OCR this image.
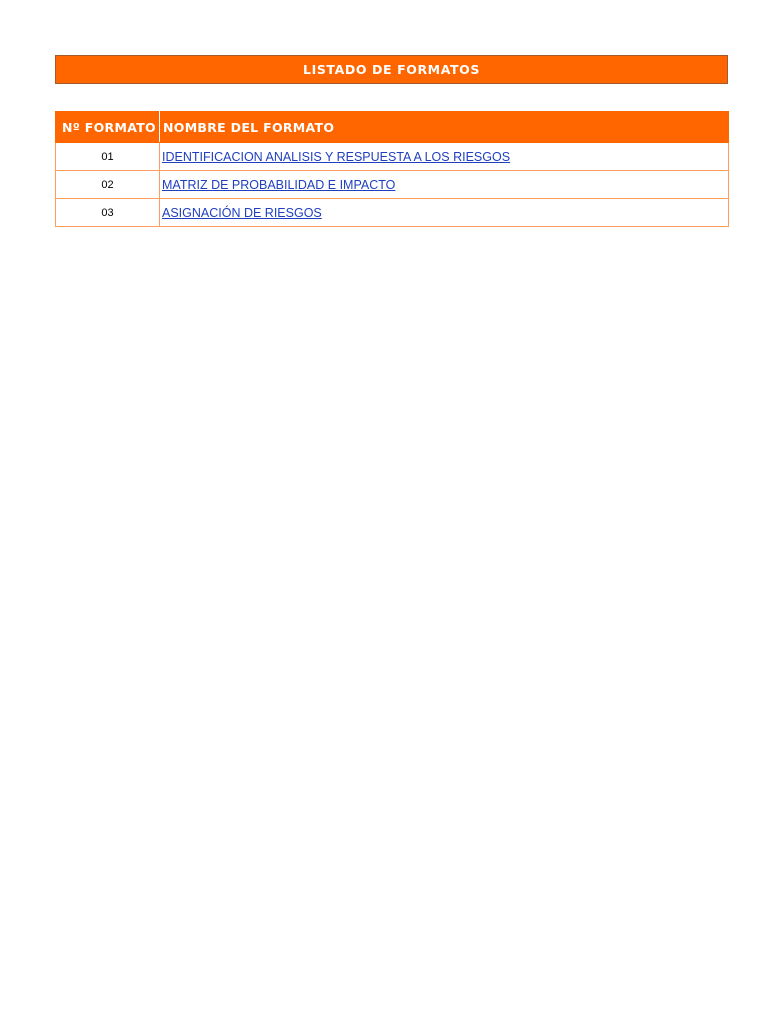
LISTADO DE FORMATOS
Nº FORMATO	NOMBRE DEL FORMATO
01	IDENTIFICACION ANALISIS Y RESPUESTA A LOS RIESGOS
02	MATRIZ DE PROBABILIDAD E IMPACTO
03	ASIGNACIÓN DE RIESGOS
